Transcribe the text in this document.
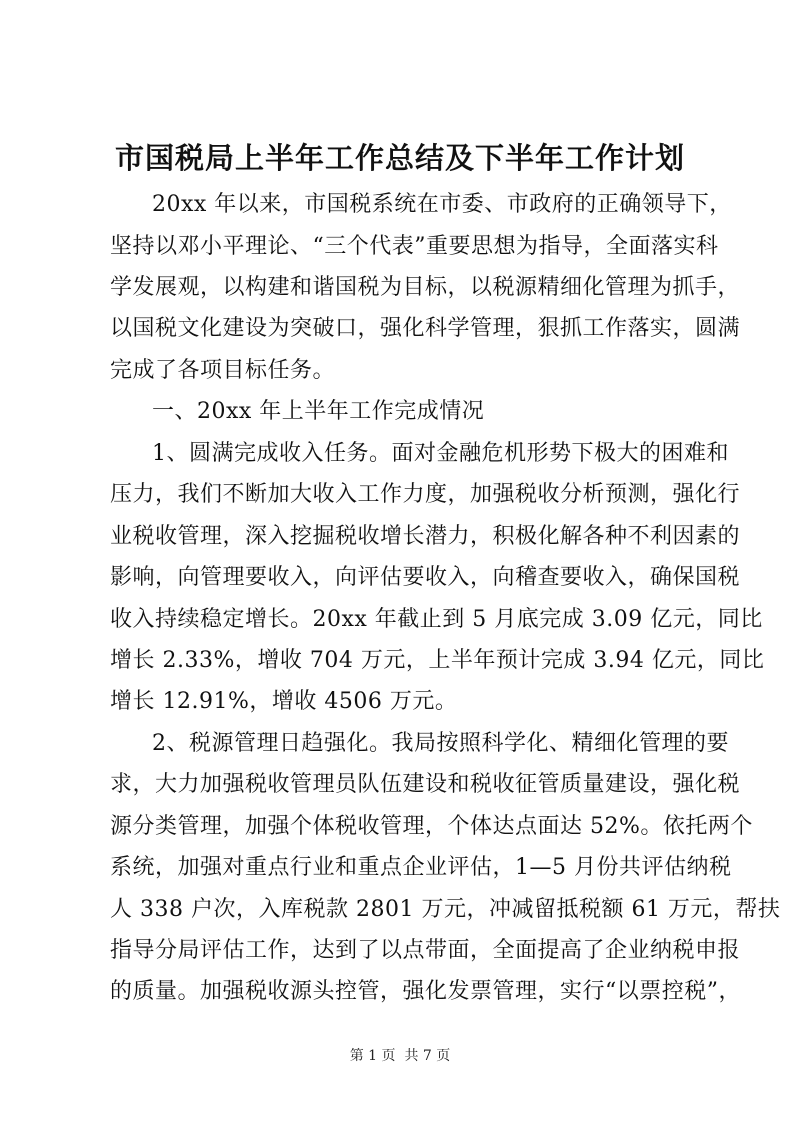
市国税局上半年工作总结及下半年工作计划
20xx 年以来，市国税系统在市委、市政府的正确领导下，
坚持以邓小平理论、“三个代表”重要思想为指导，全面落实科
学发展观，以构建和谐国税为目标，以税源精细化管理为抓手，
以国税文化建设为突破口，强化科学管理，狠抓工作落实，圆满
完成了各项目标任务。
一、20xx 年上半年工作完成情况
1、圆满完成收入任务。面对金融危机形势下极大的困难和
压力，我们不断加大收入工作力度，加强税收分析预测，强化行
业税收管理，深入挖掘税收增长潜力，积极化解各种不利因素的
影响，向管理要收入，向评估要收入，向稽查要收入，确保国税
收入持续稳定增长。20xx 年截止到 5 月底完成 3.09 亿元，同比
增长 2.33%，增收 704 万元，上半年预计完成 3.94 亿元，同比
增长 12.91%，增收 4506 万元。
2、税源管理日趋强化。我局按照科学化、精细化管理的要
求，大力加强税收管理员队伍建设和税收征管质量建设，强化税
源分类管理，加强个体税收管理，个体达点面达 52%。依托两个
系统，加强对重点行业和重点企业评估，1—5 月份共评估纳税
人 338 户次，入库税款 2801 万元，冲减留抵税额 61 万元，帮扶
指导分局评估工作，达到了以点带面，全面提高了企业纳税申报
的质量。加强税收源头控管，强化发票管理，实行“以票控税”，
第 1 页  共 7 页
